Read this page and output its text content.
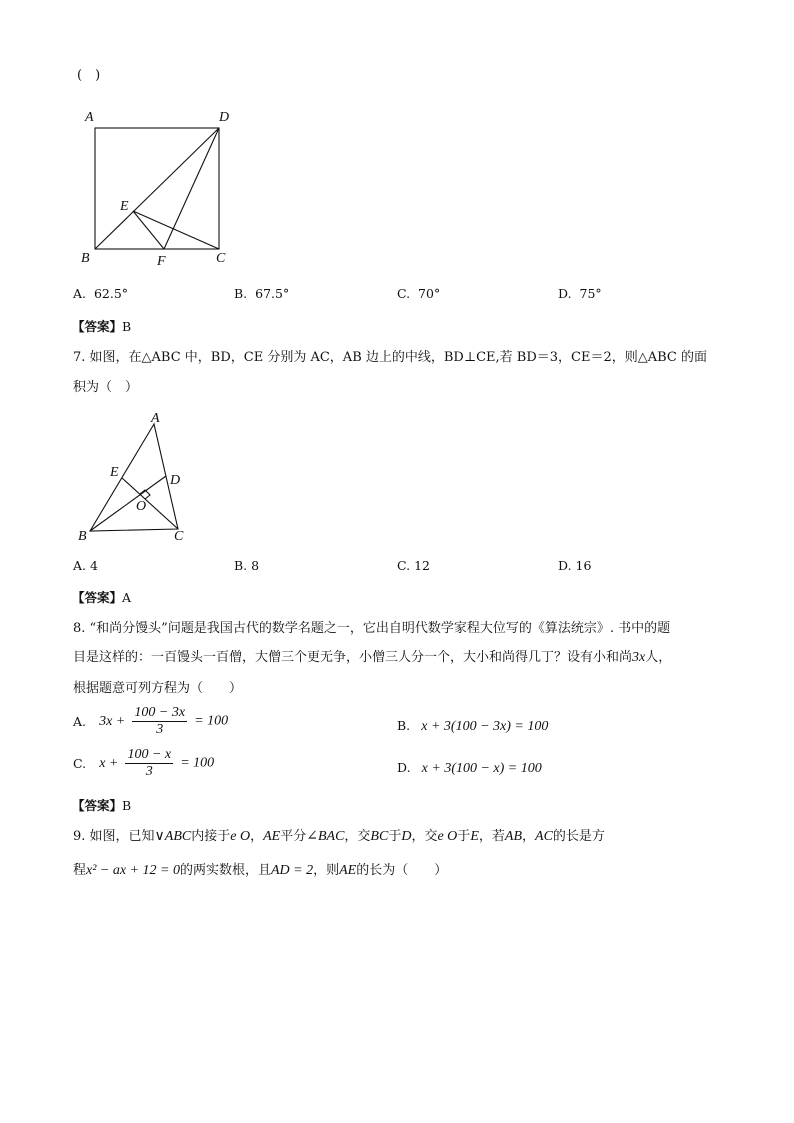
(　)
A	D
E
B	F	C
A. 62.5°	B. 67.5°	C. 70°	D. 75°
【答案】B
7. 如图，在△ABC 中，BD，CE 分别为 AC，AB 边上的中线，BD⊥CE,若 BD＝3，CE＝2，则△ABC 的面
积为（　）
A
E
D
O
B	C
A. 4	B. 8	C. 12	D. 16
【答案】A
8. “和尚分馒头”问题是我国古代的数学名题之一，它出自明代数学家程大位写的《算法统宗》. 书中的题
目是这样的：一百馒头一百僧，大僧三个更无争，小僧三人分一个，大小和尚得几丁？设有小和尚3x人，
根据题意可列方程为（　　）
A. $3x + \frac{100 - 3x}{3} = 100$	B. x + 3(100 − 3x) = 100
C. $x + \frac{100 - x}{3} = 100$	D. x + 3(100 − x) = 100
【答案】B
9. 如图，已知∨ABC内接于e O，AE平分∠BAC，交BC于D，交e O于E，若AB，AC的长是方
程x² − ax + 12 = 0的两实数根，且AD = 2，则AE的长为（　　）
